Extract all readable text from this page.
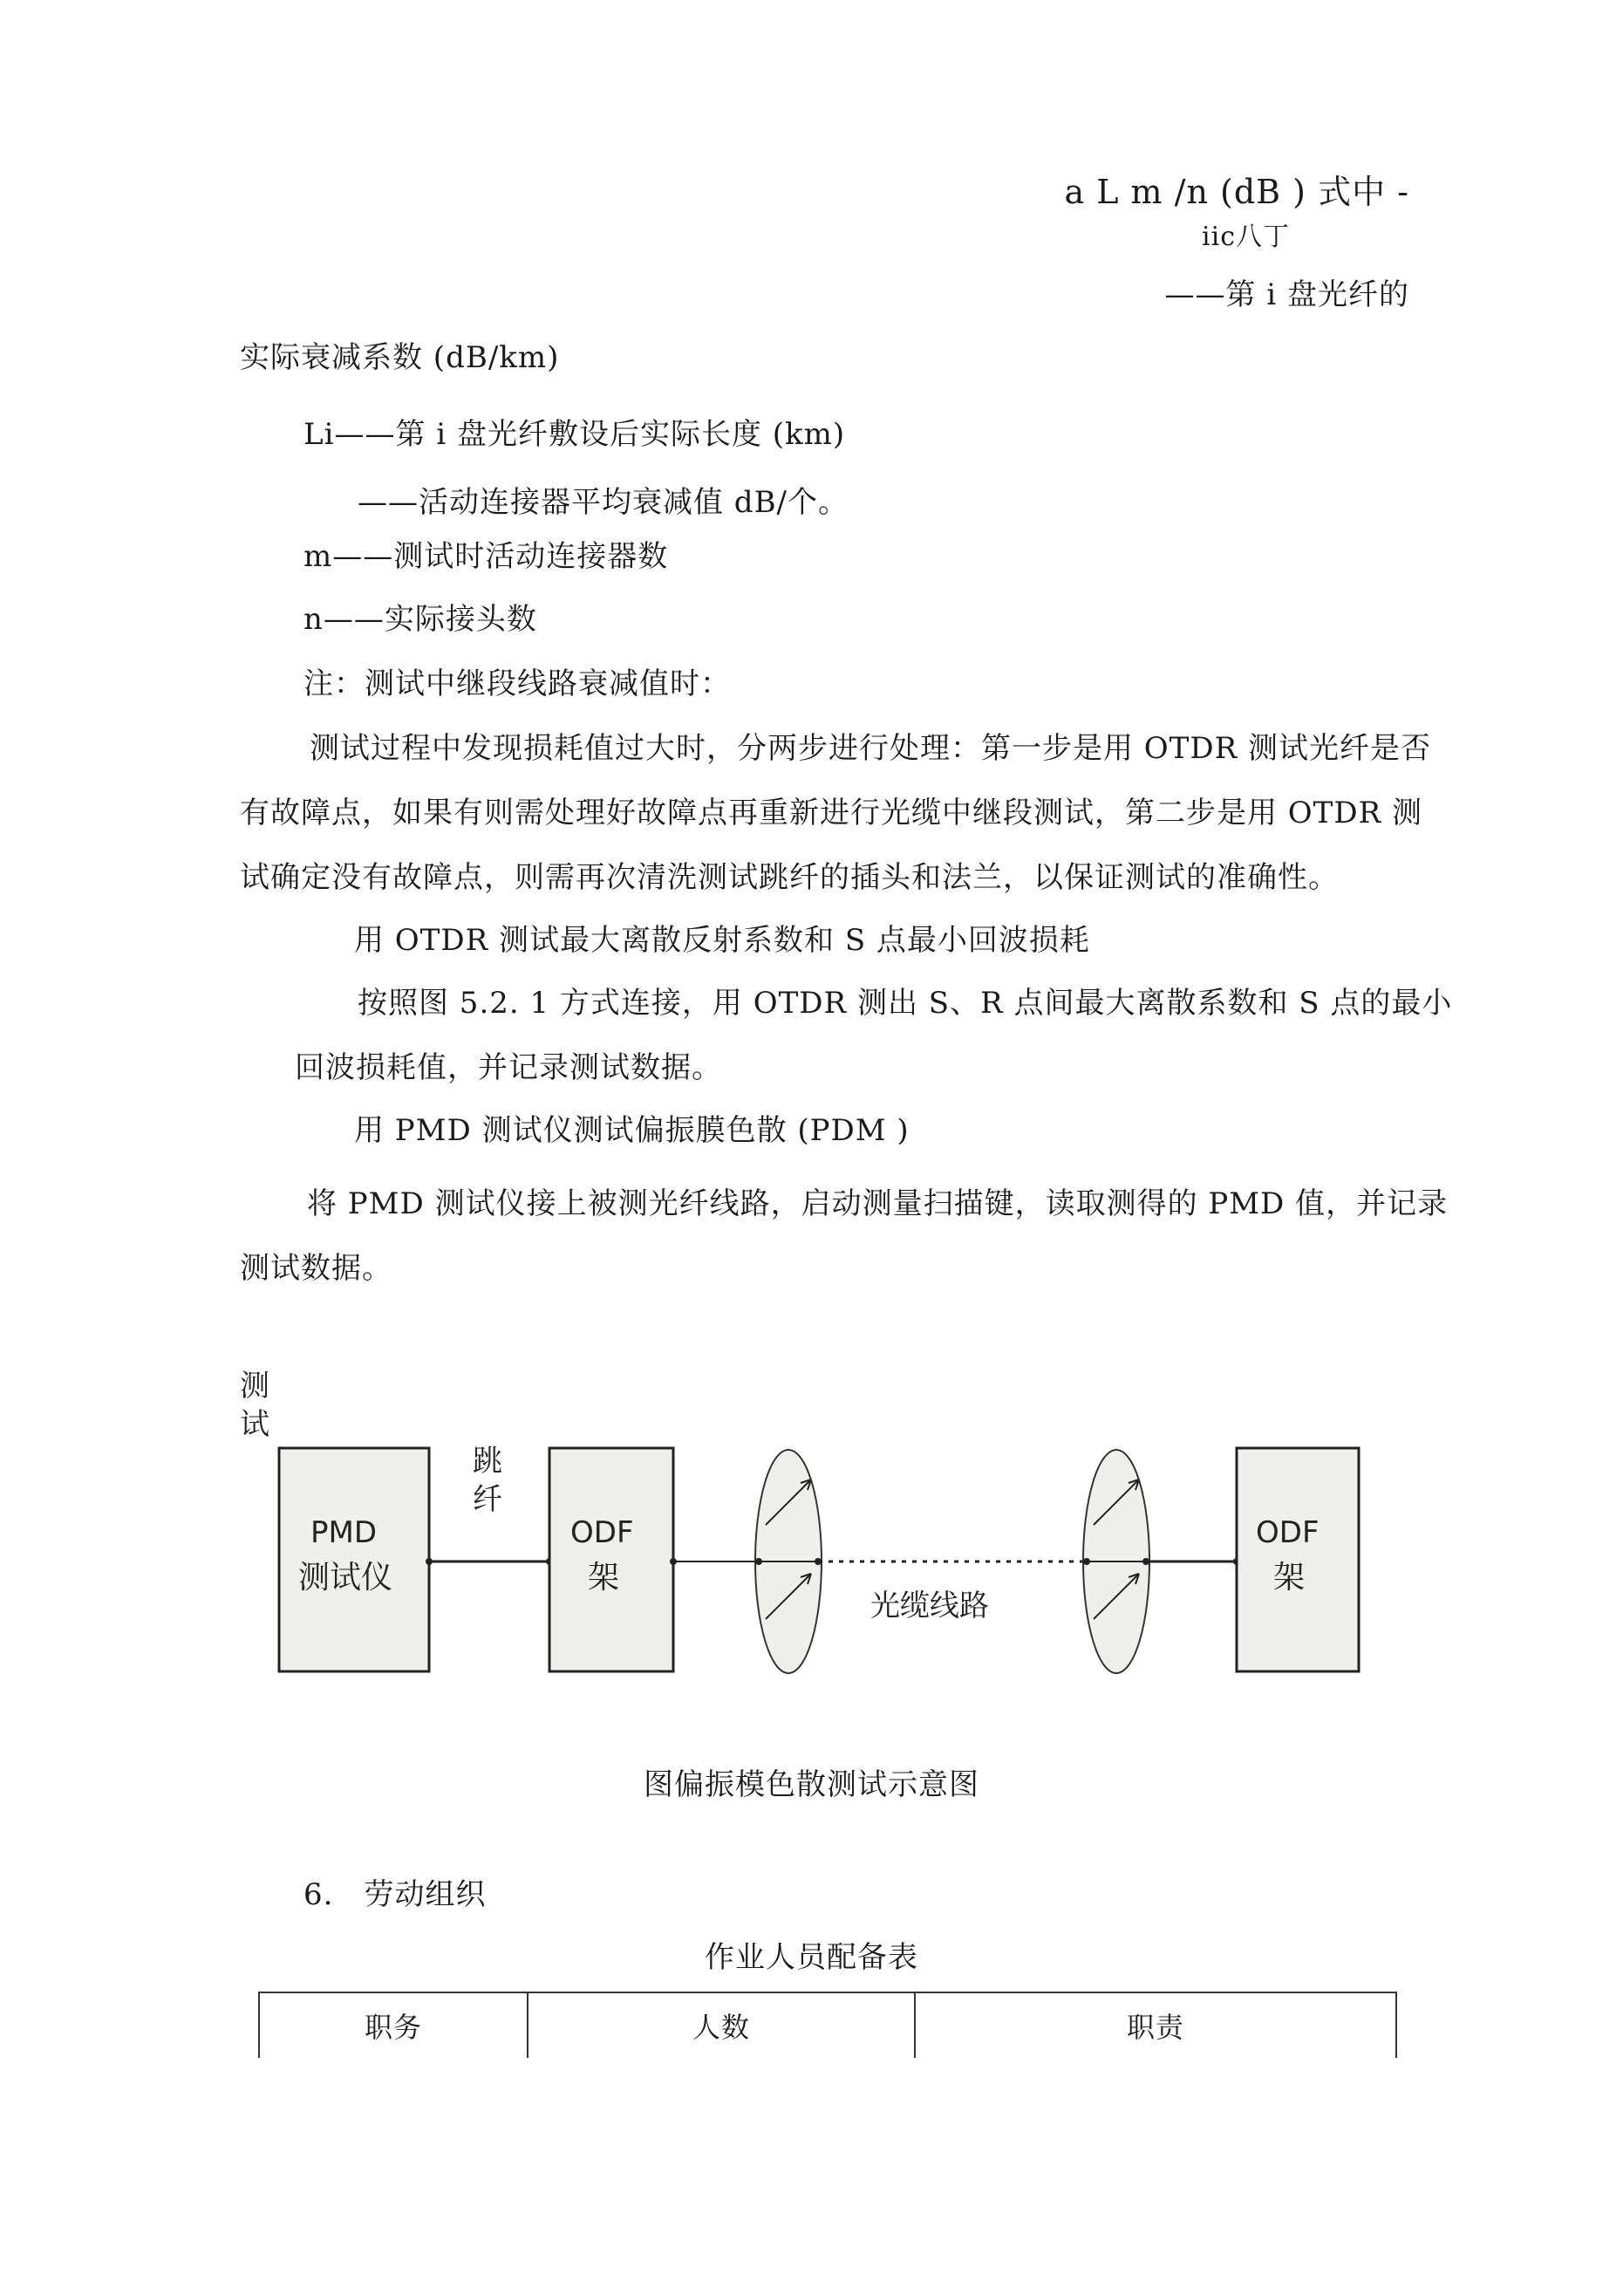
a L m /n (dB ) 式中 -
iic八丁
——第 i 盘光纤的
实际衰减系数 (dB/km)
Li——第 i 盘光纤敷设后实际长度 (km)
——活动连接器平均衰减值 dB/个。
m——测试时活动连接器数
n——实际接头数
注：测试中继段线路衰减值时：
测试过程中发现损耗值过大时，分两步进行处理：第一步是用 OTDR 测试光纤是否
有故障点，如果有则需处理好故障点再重新进行光缆中继段测试，第二步是用 OTDR 测
试确定没有故障点，则需再次清洗测试跳纤的插头和法兰，以保证测试的准确性。
用 OTDR 测试最大离散反射系数和 S 点最小回波损耗
按照图 5.2. 1 方式连接，用 OTDR 测出 S、R 点间最大离散系数和 S 点的最小
回波损耗值，并记录测试数据。
用 PMD 测试仪测试偏振膜色散 (PDM )
将 PMD 测试仪接上被测光纤线路，启动测量扫描键，读取测得的 PMD 值，并记录
测试数据。
测
试
PMD
测试仪
跳
纤
ODF
架
光缆线路
ODF
架
图偏振模色散测试示意图
6.　劳动组织
作业人员配备表
职务	人数	职责
